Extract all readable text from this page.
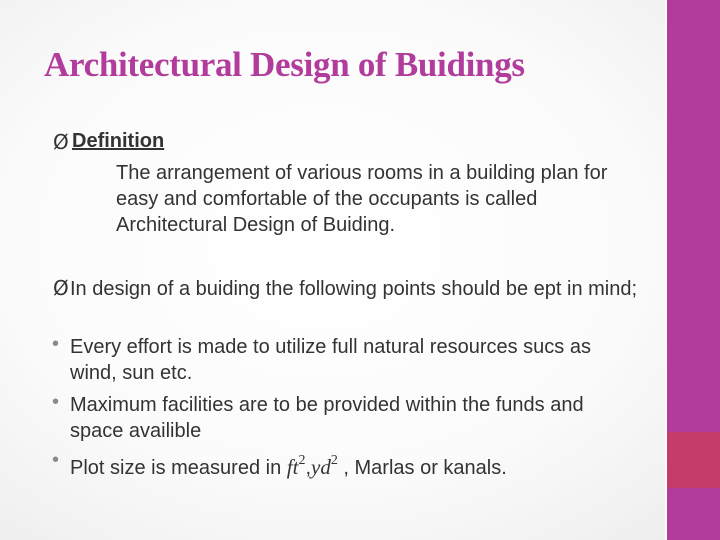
Architectural Design of Buidings
Ø Definition
The arrangement of various rooms in a building plan for easy and comfortable of the occupants is called Architectural Design of Buiding.
Ø In design of a buiding the following points should be ept in mind;
• Every effort is made to utilize full natural resources sucs as wind, sun etc.
• Maximum facilities are to be provided within the funds and space availible
• Plot size is measured in $ft^2,yd^2$ , Marlas or kanals.
